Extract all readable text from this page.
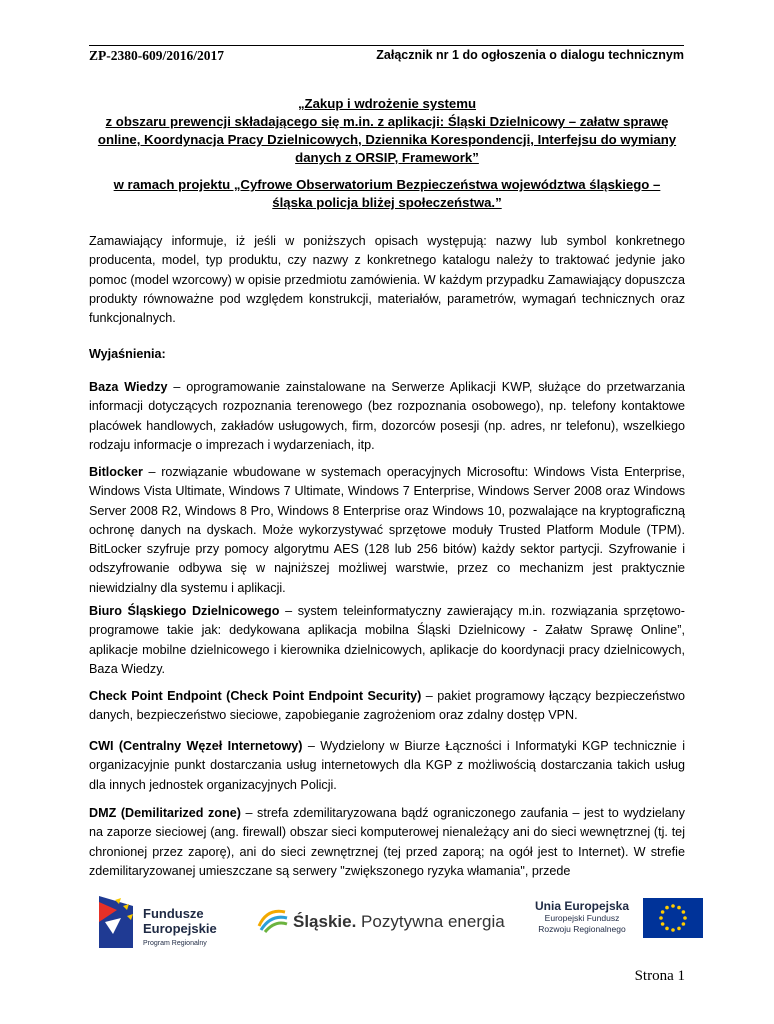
ZP-2380-609/2016/2017	Załącznik nr 1 do ogłoszenia o dialogu technicznym
„Zakup i wdrożenie systemu
z obszaru prewencji składającego się m.in. z aplikacji: Śląski Dzielnicowy – załatw sprawę
online, Koordynacja Pracy Dzielnicowych, Dziennika Korespondencji, Interfejsu do wymiany
danych z ORSIP, Framework”
w ramach projektu „Cyfrowe Obserwatorium Bezpieczeństwa województwa śląskiego –
śląska policja bliżej społeczeństwa.”

Zamawiający informuje, iż jeśli w poniższych opisach występują: nazwy lub symbol konkretnego producenta, model, typ produktu, czy nazwy z konkretnego katalogu należy to traktować jedynie jako pomoc (model wzorcowy) w opisie przedmiotu zamówienia. W każdym przypadku Zamawiający dopuszcza produkty równoważne pod względem konstrukcji, materiałów, parametrów, wymagań technicznych oraz funkcjonalnych.

Wyjaśnienia:

Baza Wiedzy – oprogramowanie zainstalowane na Serwerze Aplikacji KWP, służące do przetwarzania informacji dotyczących rozpoznania terenowego (bez rozpoznania osobowego), np. telefony kontaktowe placówek handlowych, zakładów usługowych, firm, dozorców posesji (np. adres, nr telefonu), wszelkiego rodzaju informacje o imprezach i wydarzeniach, itp.

Bitlocker – rozwiązanie wbudowane w systemach operacyjnych Microsoftu: Windows Vista Enterprise, Windows Vista Ultimate, Windows 7 Ultimate, Windows 7 Enterprise, Windows Server 2008 oraz Windows Server 2008 R2, Windows 8 Pro, Windows 8 Enterprise oraz Windows 10, pozwalające na kryptograficzną ochronę danych na dyskach. Może wykorzystywać sprzętowe moduły Trusted Platform Module (TPM). BitLocker szyfruje przy pomocy algorytmu AES (128 lub 256 bitów) każdy sektor partycji. Szyfrowanie i odszyfrowanie odbywa się w najniższej możliwej warstwie, przez co mechanizm jest praktycznie niewidzialny dla systemu i aplikacji.

Biuro Śląskiego Dzielnicowego – system teleinformatyczny zawierający m.in. rozwiązania sprzętowo-programowe takie jak: dedykowana aplikacja mobilna Śląski Dzielnicowy - Załatw Sprawę Online”, aplikacje mobilne dzielnicowego i kierownika dzielnicowych, aplikacje do koordynacji pracy dzielnicowych, Baza Wiedzy.

Check Point Endpoint (Check Point Endpoint Security) – pakiet programowy łączący bezpieczeństwo danych, bezpieczeństwo sieciowe, zapobieganie zagrożeniom oraz zdalny dostęp VPN.

CWI (Centralny Węzeł Internetowy) – Wydzielony w Biurze Łączności i Informatyki KGP technicznie i organizacyjnie punkt dostarczania usług internetowych dla KGP z możliwością dostarczania takich usług dla innych jednostek organizacyjnych Policji.

DMZ (Demilitarized zone) – strefa zdemilitaryzowana bądź ograniczonego zaufania – jest to wydzielany na zaporze sieciowej (ang. firewall) obszar sieci komputerowej nienależący ani do sieci wewnętrznej (tj. tej chronionej przez zaporę), ani do sieci zewnętrznej (tej przed zaporą; na ogół jest to Internet). W strefie zdemilitaryzowanej umieszczane są serwery "zwiększonego ryzyka włamania", przede

Fundusze
Europejskie
Program Regionalny
Śląskie. Pozytywna energia
Unia Europejska
Europejski Fundusz
Rozwoju Regionalnego
Strona 1
